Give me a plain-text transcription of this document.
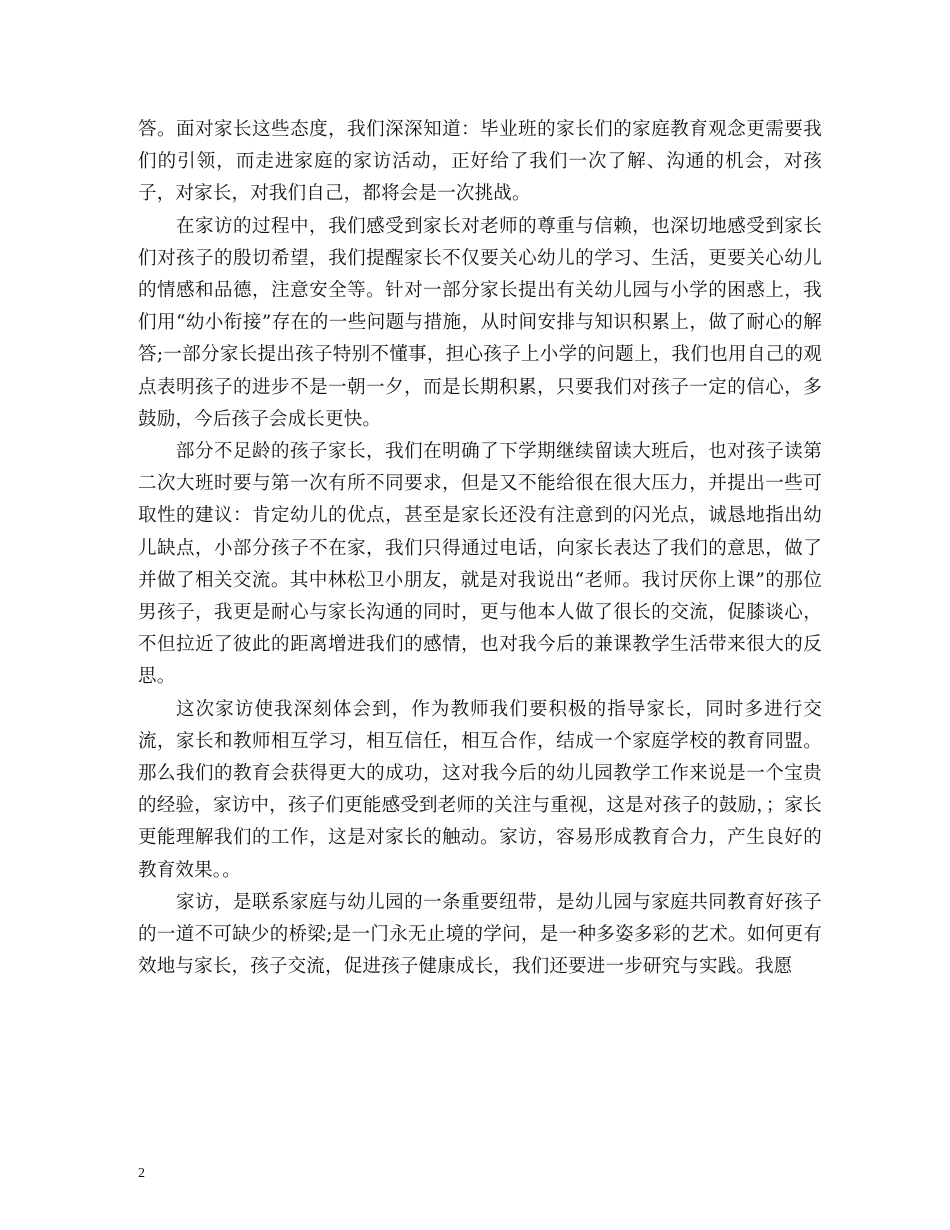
答。面对家长这些态度，我们深深知道：毕业班的家长们的家庭教育观念更需要我们的引领，而走进家庭的家访活动，正好给了我们一次了解、沟通的机会，对孩子，对家长，对我们自己，都将会是一次挑战。

在家访的过程中，我们感受到家长对老师的尊重与信赖，也深切地感受到家长们对孩子的殷切希望，我们提醒家长不仅要关心幼儿的学习、生活，更要关心幼儿的情感和品德，注意安全等。针对一部分家长提出有关幼儿园与小学的困惑上，我们用“幼小衔接”存在的一些问题与措施，从时间安排与知识积累上，做了耐心的解答;一部分家长提出孩子特别不懂事，担心孩子上小学的问题上，我们也用自己的观点表明孩子的进步不是一朝一夕，而是长期积累，只要我们对孩子一定的信心，多鼓励，今后孩子会成长更快。

部分不足龄的孩子家长，我们在明确了下学期继续留读大班后，也对孩子读第二次大班时要与第一次有所不同要求，但是又不能给很在很大压力，并提出一些可取性的建议：肯定幼儿的优点，甚至是家长还没有注意到的闪光点，诚恳地指出幼儿缺点，小部分孩子不在家，我们只得通过电话，向家长表达了我们的意思，做了并做了相关交流。其中林松卫小朋友，就是对我说出“老师。我讨厌你上课”的那位男孩子，我更是耐心与家长沟通的同时，更与他本人做了很长的交流，促膝谈心，不但拉近了彼此的距离增进我们的感情，也对我今后的兼课教学生活带来很大的反思。

这次家访使我深刻体会到，作为教师我们要积极的指导家长，同时多进行交流，家长和教师相互学习，相互信任，相互合作，结成一个家庭学校的教育同盟。那么我们的教育会获得更大的成功，这对我今后的幼儿园教学工作来说是一个宝贵的经验，家访中，孩子们更能感受到老师的关注与重视，这是对孩子的鼓励，；家长更能理解我们的工作，这是对家长的触动。家访，容易形成教育合力，产生良好的教育效果。。

家访，是联系家庭与幼儿园的一条重要纽带，是幼儿园与家庭共同教育好孩子的一道不可缺少的桥梁;是一门永无止境的学问，是一种多姿多彩的艺术。如何更有效地与家长，孩子交流，促进孩子健康成长，我们还要进一步研究与实践。我愿

2
